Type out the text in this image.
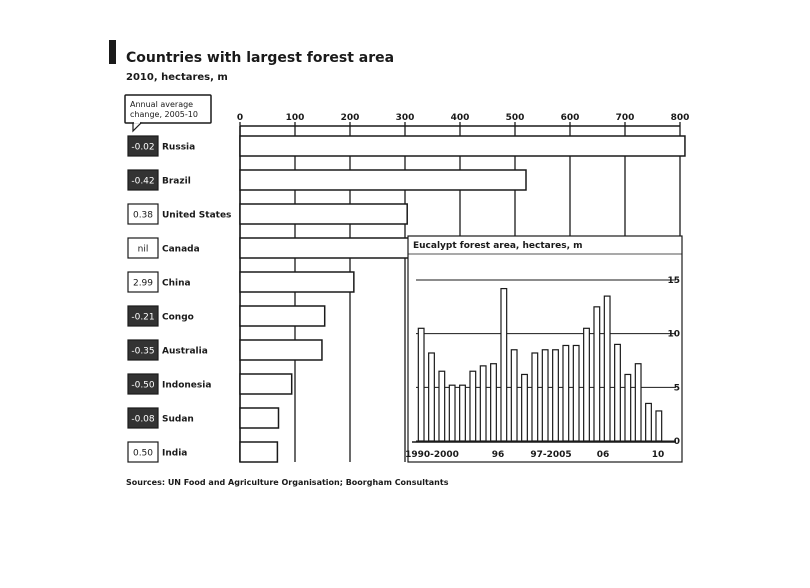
Countries with largest forest area
2010, hectares, m
Annual average change, 2005-10	0	100	200	300	400	500	600	700	800
-0.02 Russia
-0.42 Brazil
0.38 United States
nil Canada
2.99 China
-0.21 Congo
-0.35 Australia
-0.50 Indonesia
-0.08 Sudan
0.50 India
Eucalypt forest area, hectares, m
0
5
10
15
1990-2000	96	97-2005	06	10
Sources: UN Food and Agriculture Organisation; Boorgham Consultants
